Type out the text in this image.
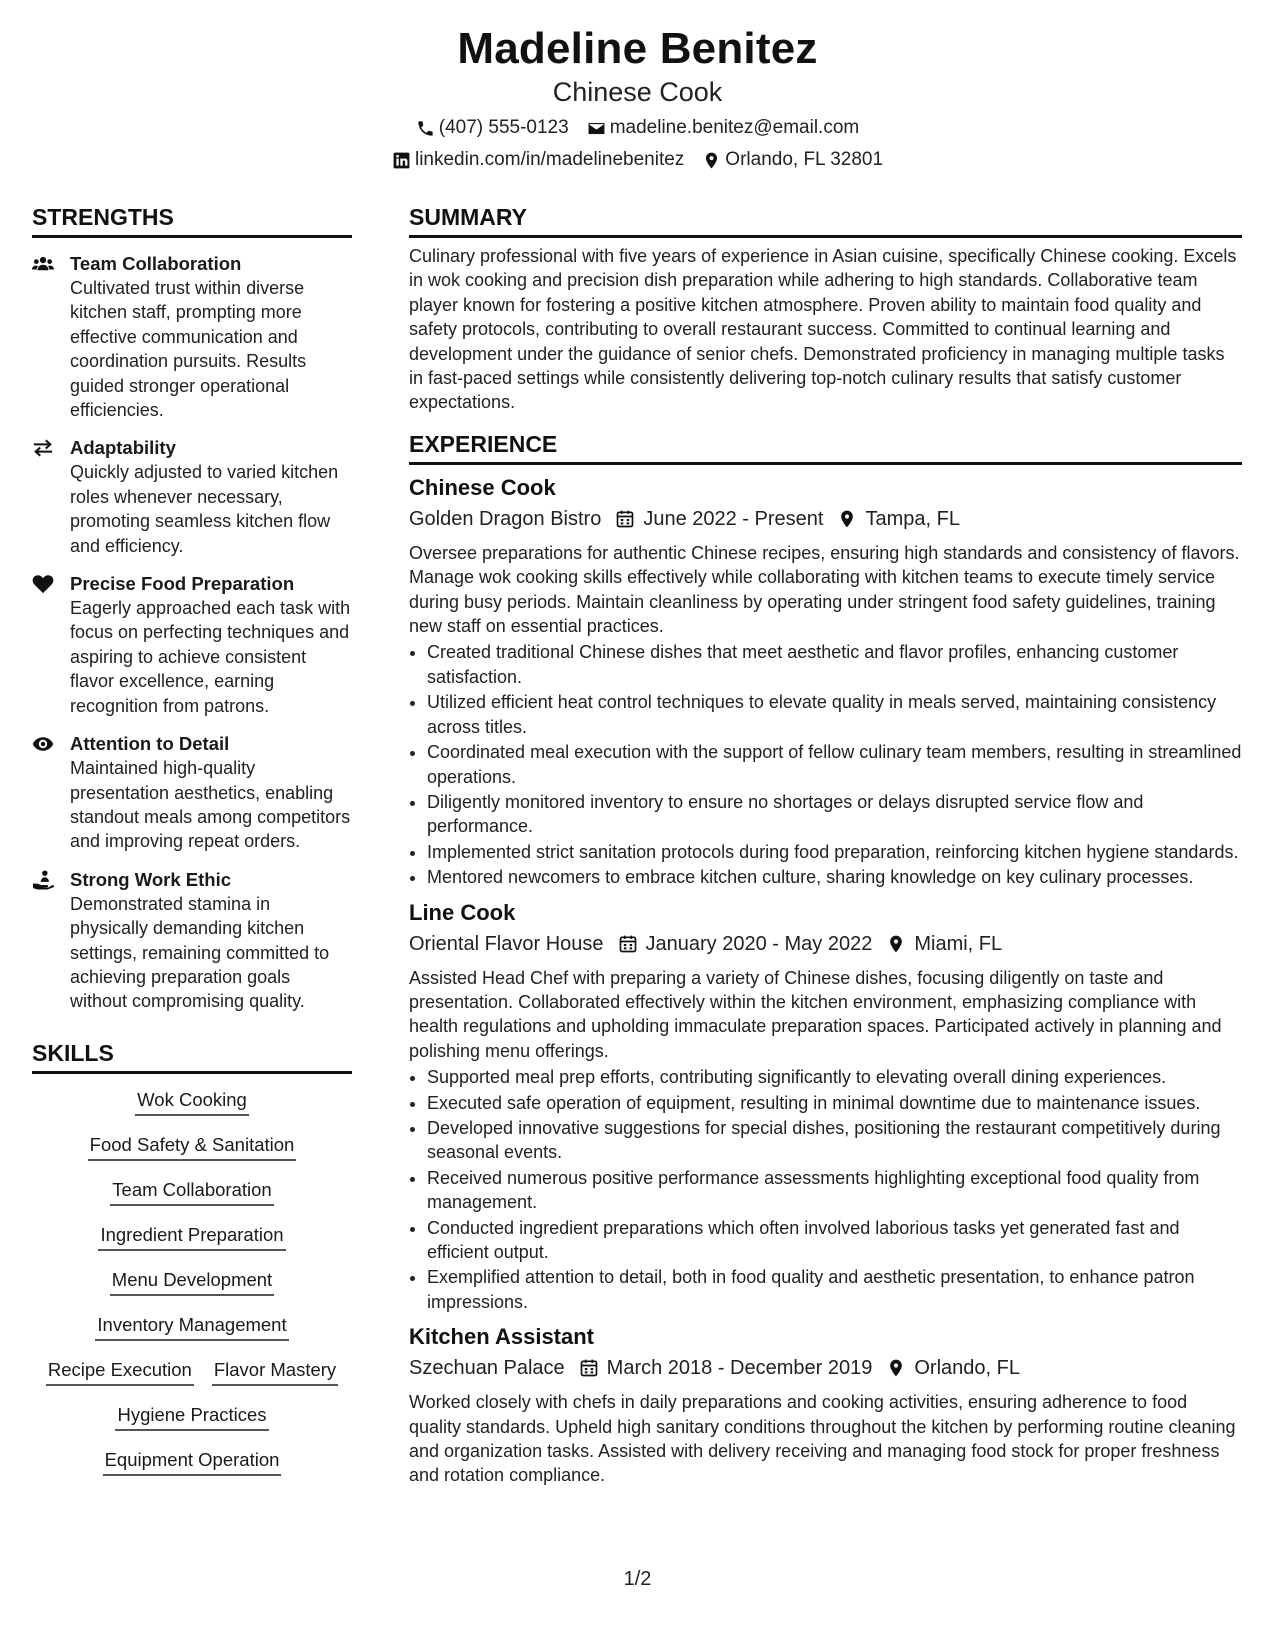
Madeline Benitez
Chinese Cook
(407) 555-0123 madeline.benitez@email.com
linkedin.com/in/madelinebenitez Orlando, FL 32801
STRENGTHS
Team Collaboration
Cultivated trust within diverse kitchen staff, prompting more effective communication and coordination pursuits. Results guided stronger operational efficiencies.
Adaptability
Quickly adjusted to varied kitchen roles whenever necessary, promoting seamless kitchen flow and efficiency.
Precise Food Preparation
Eagerly approached each task with focus on perfecting techniques and aspiring to achieve consistent flavor excellence, earning recognition from patrons.
Attention to Detail
Maintained high-quality presentation aesthetics, enabling standout meals among competitors and improving repeat orders.
Strong Work Ethic
Demonstrated stamina in physically demanding kitchen settings, remaining committed to achieving preparation goals without compromising quality.
SKILLS
Wok Cooking
Food Safety & Sanitation
Team Collaboration
Ingredient Preparation
Menu Development
Inventory Management
Recipe Execution Flavor Mastery
Hygiene Practices
Equipment Operation
SUMMARY
Culinary professional with five years of experience in Asian cuisine, specifically Chinese cooking. Excels in wok cooking and precision dish preparation while adhering to high standards. Collaborative team player known for fostering a positive kitchen atmosphere. Proven ability to maintain food quality and safety protocols, contributing to overall restaurant success. Committed to continual learning and development under the guidance of senior chefs. Demonstrated proficiency in managing multiple tasks in fast-paced settings while consistently delivering top-notch culinary results that satisfy customer expectations.
EXPERIENCE
Chinese Cook
Golden Dragon Bistro June 2022 - Present Tampa, FL
Oversee preparations for authentic Chinese recipes, ensuring high standards and consistency of flavors. Manage wok cooking skills effectively while collaborating with kitchen teams to execute timely service during busy periods. Maintain cleanliness by operating under stringent food safety guidelines, training new staff on essential practices.
• Created traditional Chinese dishes that meet aesthetic and flavor profiles, enhancing customer satisfaction.
• Utilized efficient heat control techniques to elevate quality in meals served, maintaining consistency across titles.
• Coordinated meal execution with the support of fellow culinary team members, resulting in streamlined operations.
• Diligently monitored inventory to ensure no shortages or delays disrupted service flow and performance.
• Implemented strict sanitation protocols during food preparation, reinforcing kitchen hygiene standards.
• Mentored newcomers to embrace kitchen culture, sharing knowledge on key culinary processes.
Line Cook
Oriental Flavor House January 2020 - May 2022 Miami, FL
Assisted Head Chef with preparing a variety of Chinese dishes, focusing diligently on taste and presentation. Collaborated effectively within the kitchen environment, emphasizing compliance with health regulations and upholding immaculate preparation spaces. Participated actively in planning and polishing menu offerings.
• Supported meal prep efforts, contributing significantly to elevating overall dining experiences.
• Executed safe operation of equipment, resulting in minimal downtime due to maintenance issues.
• Developed innovative suggestions for special dishes, positioning the restaurant competitively during seasonal events.
• Received numerous positive performance assessments highlighting exceptional food quality from management.
• Conducted ingredient preparations which often involved laborious tasks yet generated fast and efficient output.
• Exemplified attention to detail, both in food quality and aesthetic presentation, to enhance patron impressions.
Kitchen Assistant
Szechuan Palace March 2018 - December 2019 Orlando, FL
Worked closely with chefs in daily preparations and cooking activities, ensuring adherence to food quality standards. Upheld high sanitary conditions throughout the kitchen by performing routine cleaning and organization tasks. Assisted with delivery receiving and managing food stock for proper freshness and rotation compliance.
1/2
